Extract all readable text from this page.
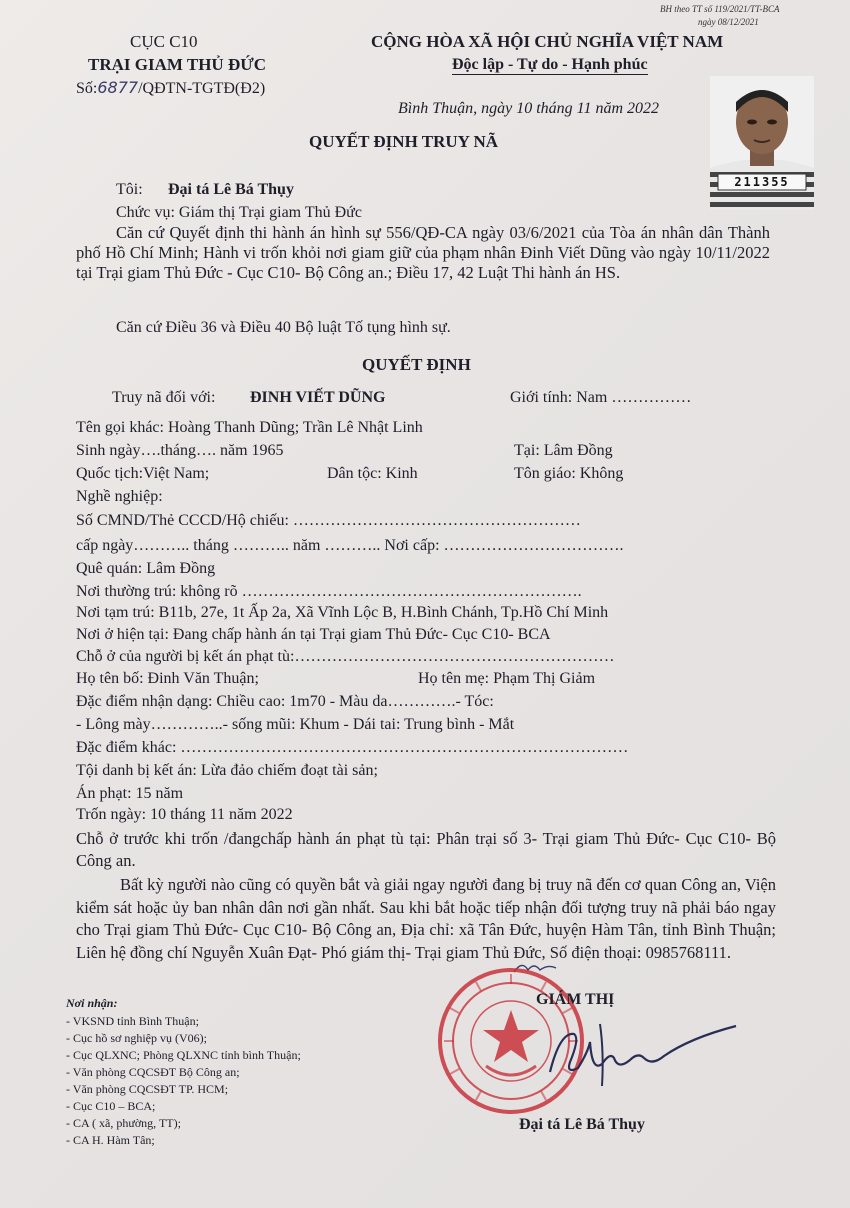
BH theo TT số 119/2021/TT-BCA
ngày 08/12/2021
CỤC C10
TRẠI GIAM THỦ ĐỨC
Số:6877/QĐTN-TGTĐ(Đ2)
CỘNG HÒA XÃ HỘI CHỦ NGHĨA VIỆT NAM
Độc lập - Tự do - Hạnh phúc
Bình Thuận, ngày 10 tháng 11 năm 2022
211355
QUYẾT ĐỊNH TRUY NÃ
Tôi: Đại tá Lê Bá Thụy
Chức vụ: Giám thị Trại giam Thủ Đức
Căn cứ Quyết định thi hành án hình sự 556/QĐ-CA ngày 03/6/2021 của Tòa án nhân dân Thành phố Hồ Chí Minh; Hành vi trốn khỏi nơi giam giữ của phạm nhân Đinh Viết Dũng vào ngày 10/11/2022 tại Trại giam Thủ Đức - Cục C10- Bộ Công an.; Điều 17, 42 Luật Thi hành án HS.
Căn cứ Điều 36 và Điều 40 Bộ luật Tố tụng hình sự.
QUYẾT ĐỊNH
Truy nã đối với: ĐINH VIẾT DŨNG	Giới tính: Nam ……………
Tên gọi khác: Hoàng Thanh Dũng; Trần Lê Nhật Linh
Sinh ngày….tháng…. năm 1965	Tại: Lâm Đồng
Quốc tịch:Việt Nam;	Dân tộc: Kinh	Tôn giáo: Không
Nghề nghiệp:
Số CMND/Thẻ CCCD/Hộ chiếu: ………………………………………………
cấp ngày……….. tháng ……….. năm ……….. Nơi cấp: …………………………….
Quê quán: Lâm Đồng
Nơi thường trú: không rõ ……………………………………………………….
Nơi tạm trú: B11b, 27e, 1t Ấp 2a, Xã Vĩnh Lộc B, H.Bình Chánh, Tp.Hồ Chí Minh
Nơi ở hiện tại: Đang chấp hành án tại Trại giam Thủ Đức- Cục C10- BCA
Chỗ ở của người bị kết án phạt tù:……………………………………………………
Họ tên bố: Đinh Văn Thuận;	Họ tên mẹ: Phạm Thị Giảm
Đặc điểm nhận dạng: Chiều cao: 1m70 - Màu da………….- Tóc:
- Lông mày…………..- sống mũi: Khum - Dái tai: Trung bình - Mắt
Đặc điểm khác: …………………………………………………………………………
Tội danh bị kết án: Lừa đảo chiếm đoạt tài sản;
Án phạt: 15 năm
Trốn ngày: 10 tháng 11 năm 2022
Chỗ ở trước khi trốn /đangchấp hành án phạt tù tại: Phân trại số 3- Trại giam Thủ Đức- Cục C10- Bộ Công an.
Bất kỳ người nào cũng có quyền bắt và giải ngay người đang bị truy nã đến cơ quan Công an, Viện kiểm sát hoặc ủy ban nhân dân nơi gần nhất. Sau khi bắt hoặc tiếp nhận đối tượng truy nã phải báo ngay cho Trại giam Thủ Đức- Cục C10- Bộ Công an, Địa chỉ: xã Tân Đức, huyện Hàm Tân, tỉnh Bình Thuận; Liên hệ đồng chí Nguyễn Xuân Đạt- Phó giám thị- Trại giam Thủ Đức, Số điện thoại: 0985768111.
Nơi nhận:
- VKSND tỉnh Bình Thuận;
- Cục hồ sơ nghiệp vụ (V06);
- Cục QLXNC; Phòng QLXNC tỉnh bình Thuận;
- Văn phòng CQCSĐT Bộ Công an;
- Văn phòng CQCSĐT TP. HCM;
- Cục C10 – BCA;
- CA ( xã, phường, TT);
- CA H. Hàm Tân;
GIÁM THỊ
Đại tá Lê Bá Thụy
